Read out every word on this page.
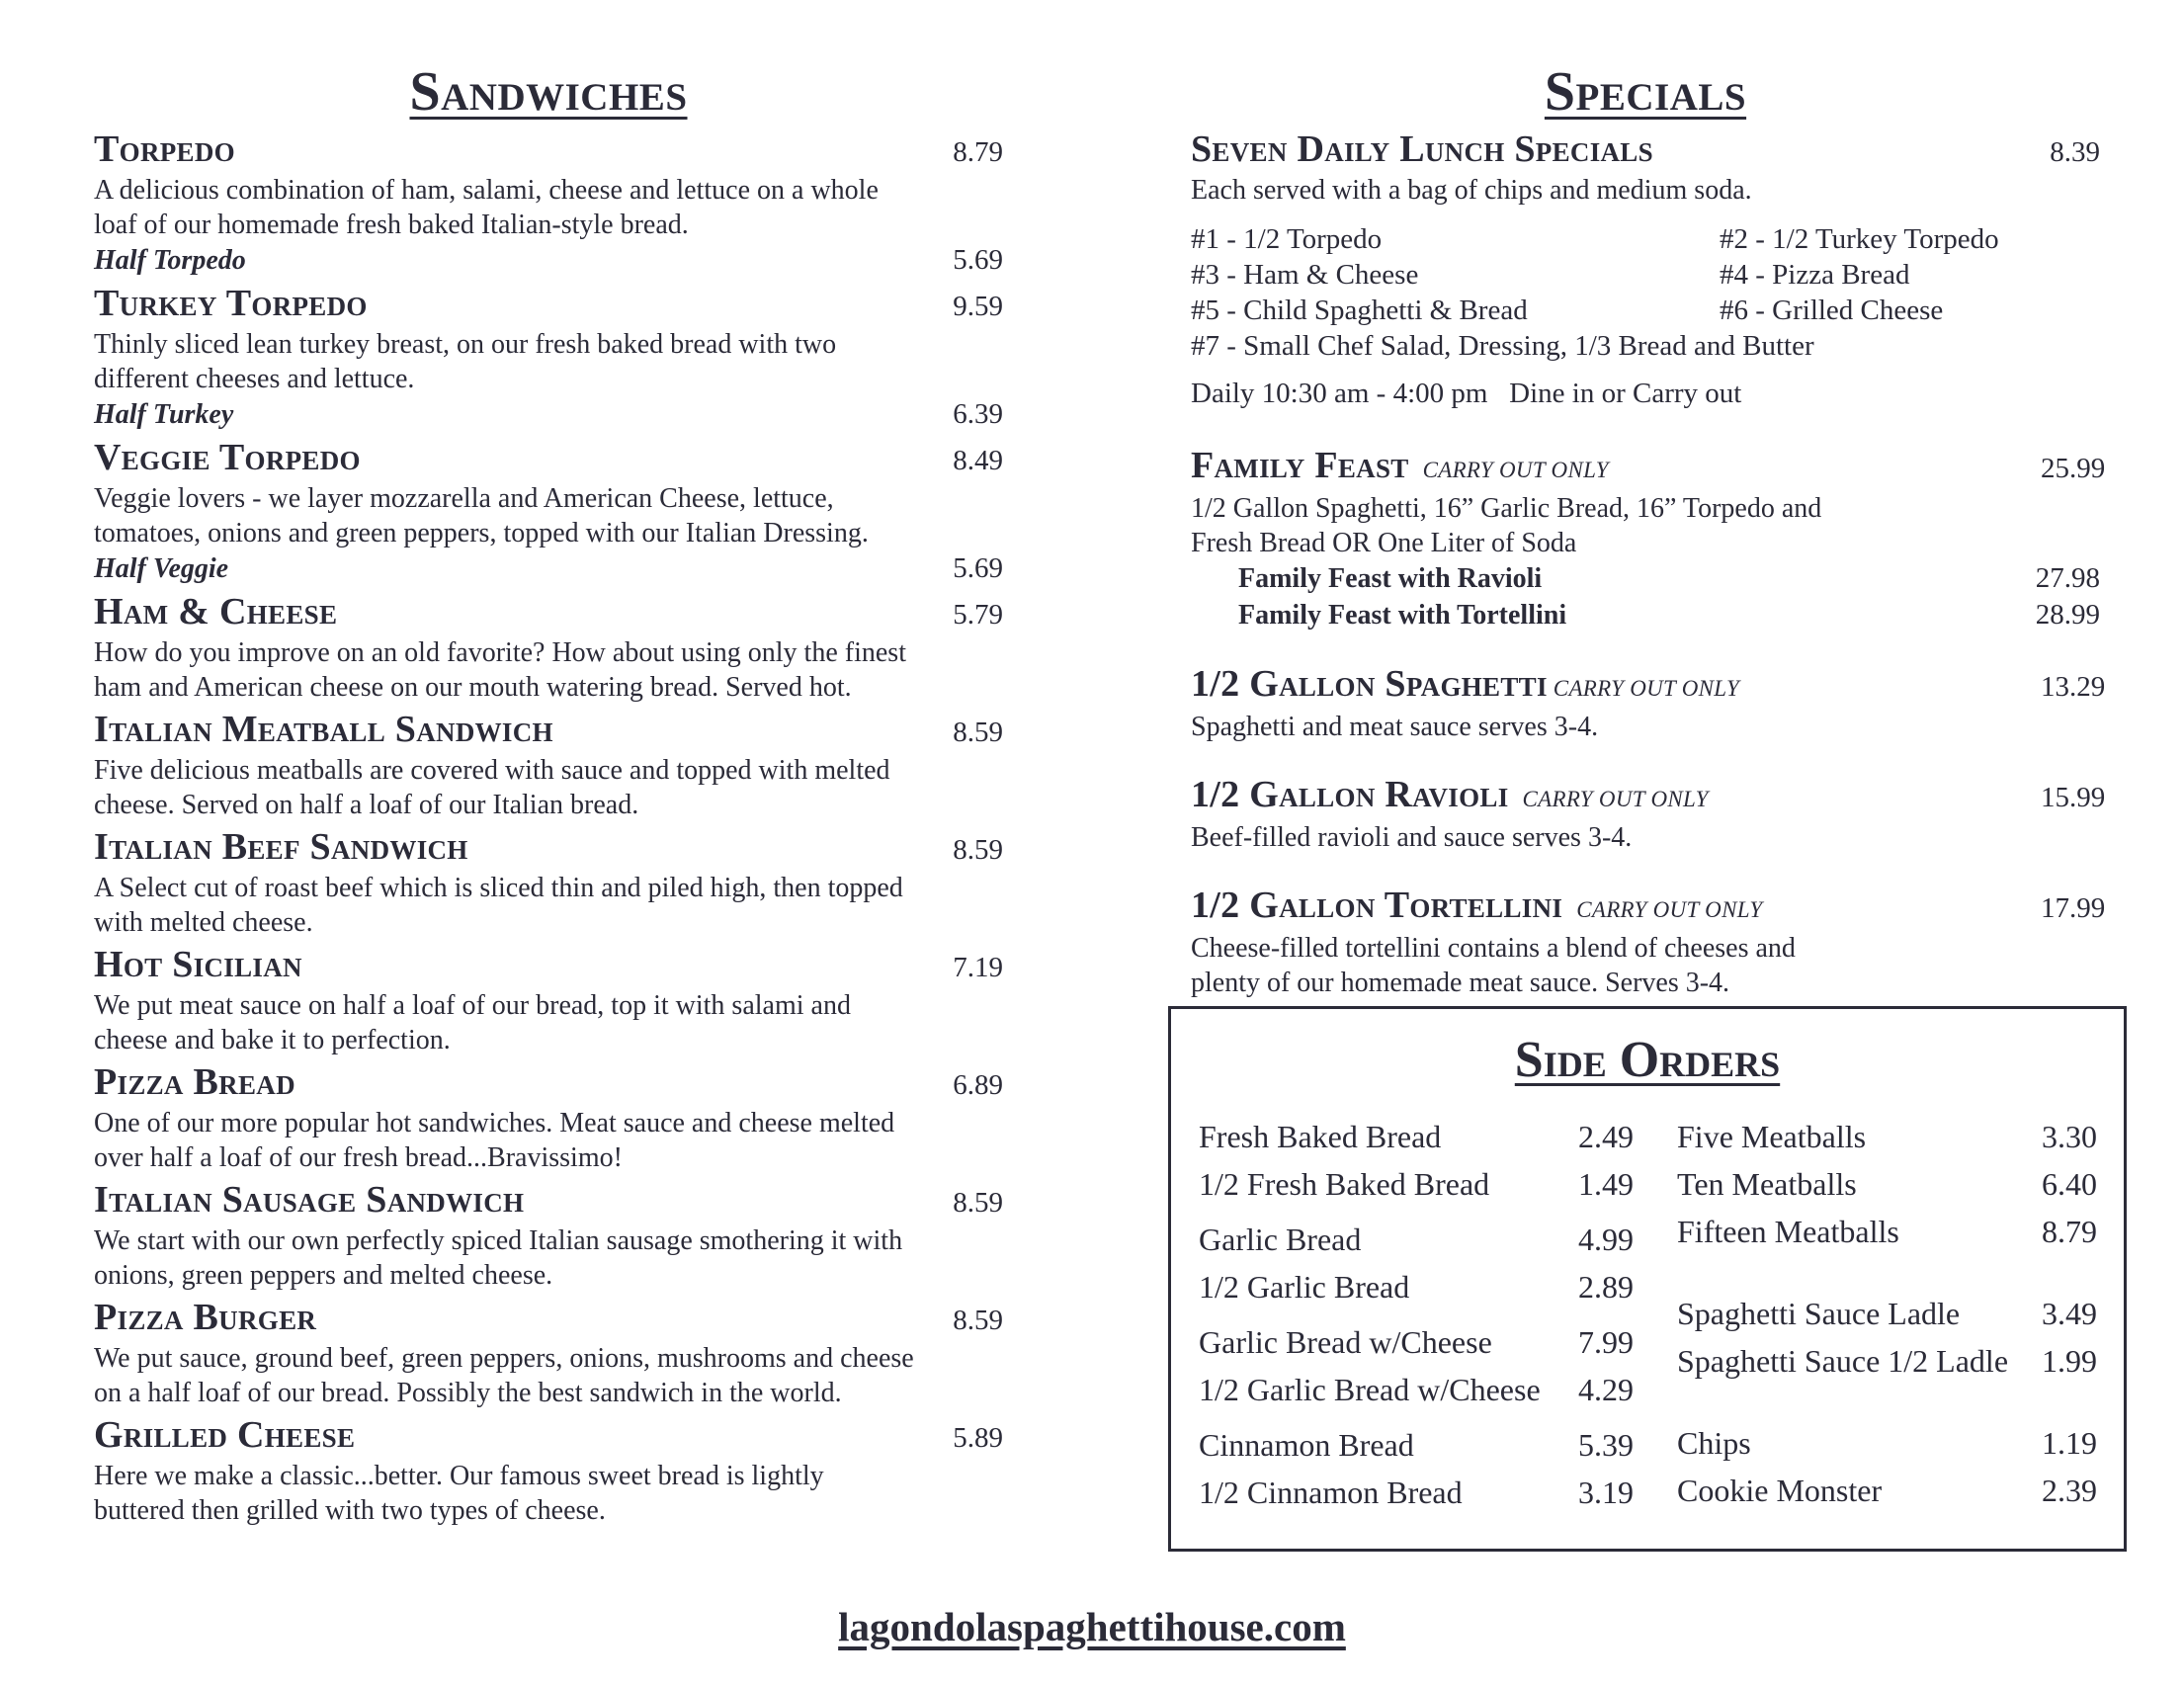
Sandwiches
Torpedo	8.79

A delicious combination of ham, salami, cheese and lettuce on a whole loaf of our homemade fresh baked Italian-style bread.

Half Torpedo	5.69
Turkey Torpedo	9.59

Thinly sliced lean turkey breast, on our fresh baked bread with two different cheeses and lettuce.

Half Turkey	6.39
Veggie Torpedo	8.49

Veggie lovers - we layer mozzarella and American Cheese, lettuce, tomatoes, onions and green peppers, topped with our Italian Dressing.

Half Veggie	5.69
Ham & Cheese	5.79

How do you improve on an old favorite? How about using only the finest ham and American cheese on our mouth watering bread. Served hot.

Italian Meatball Sandwich	8.59

Five delicious meatballs are covered with sauce and topped with melted cheese. Served on half a loaf of our Italian bread.

Italian Beef Sandwich	8.59

A Select cut of roast beef which is sliced thin and piled high, then topped with melted cheese.

Hot Sicilian	7.19

We put meat sauce on half a loaf of our bread, top it with salami and cheese and bake it to perfection.

Pizza Bread	6.89

One of our more popular hot sandwiches. Meat sauce and cheese melted over half a loaf of our fresh bread...Bravissimo!

Italian Sausage Sandwich	8.59

We start with our own perfectly spiced Italian sausage smothering it with onions, green peppers and melted cheese.

Pizza Burger	8.59

We put sauce, ground beef, green peppers, onions, mushrooms and cheese on a half loaf of our bread. Possibly the best sandwich in the world.

Grilled Cheese	5.89

Here we make a classic...better. Our famous sweet bread is lightly buttered then grilled with two types of cheese.

Specials
Seven Daily Lunch Specials	8.39

Each served with a bag of chips and medium soda.

#1 - 1/2 Torpedo	#2 - 1/2 Turkey Torpedo
#3 - Ham & Cheese	#4 - Pizza Bread
#5 - Child Spaghetti & Bread	#6 - Grilled Cheese
#7 - Small Chef Salad, Dressing, 1/3 Bread and Butter
Daily 10:30 am - 4:00 pm   Dine in or Carry out
Family Feast CARRY OUT ONLY	25.99

1/2 Gallon Spaghetti, 16” Garlic Bread, 16” Torpedo and Fresh Bread OR One Liter of Soda

Family Feast with Ravioli	27.98
Family Feast with Tortellini	28.99
1/2 Gallon Spaghetti CARRY OUT ONLY	13.29

Spaghetti and meat sauce serves 3-4.

1/2 Gallon Ravioli CARRY OUT ONLY	15.99

Beef-filled ravioli and sauce serves 3-4.

1/2 Gallon Tortellini CARRY OUT ONLY	17.99

Cheese-filled tortellini contains a blend of cheeses and plenty of our homemade meat sauce. Serves 3-4.

Side Orders
Fresh Baked Bread	2.49
1/2 Fresh Baked Bread	1.49
Garlic Bread	4.99
1/2 Garlic Bread	2.89
Garlic Bread w/Cheese	7.99
1/2 Garlic Bread w/Cheese 4.29
Cinnamon Bread	5.39
1/2 Cinnamon Bread	3.19
Five Meatballs	3.30
Ten Meatballs	6.40
Fifteen Meatballs	8.79
Spaghetti Sauce Ladle	3.49
Spaghetti Sauce 1/2 Ladle 1.99
Chips	1.19
Cookie Monster	2.39
lagondolaspaghettihouse.com
